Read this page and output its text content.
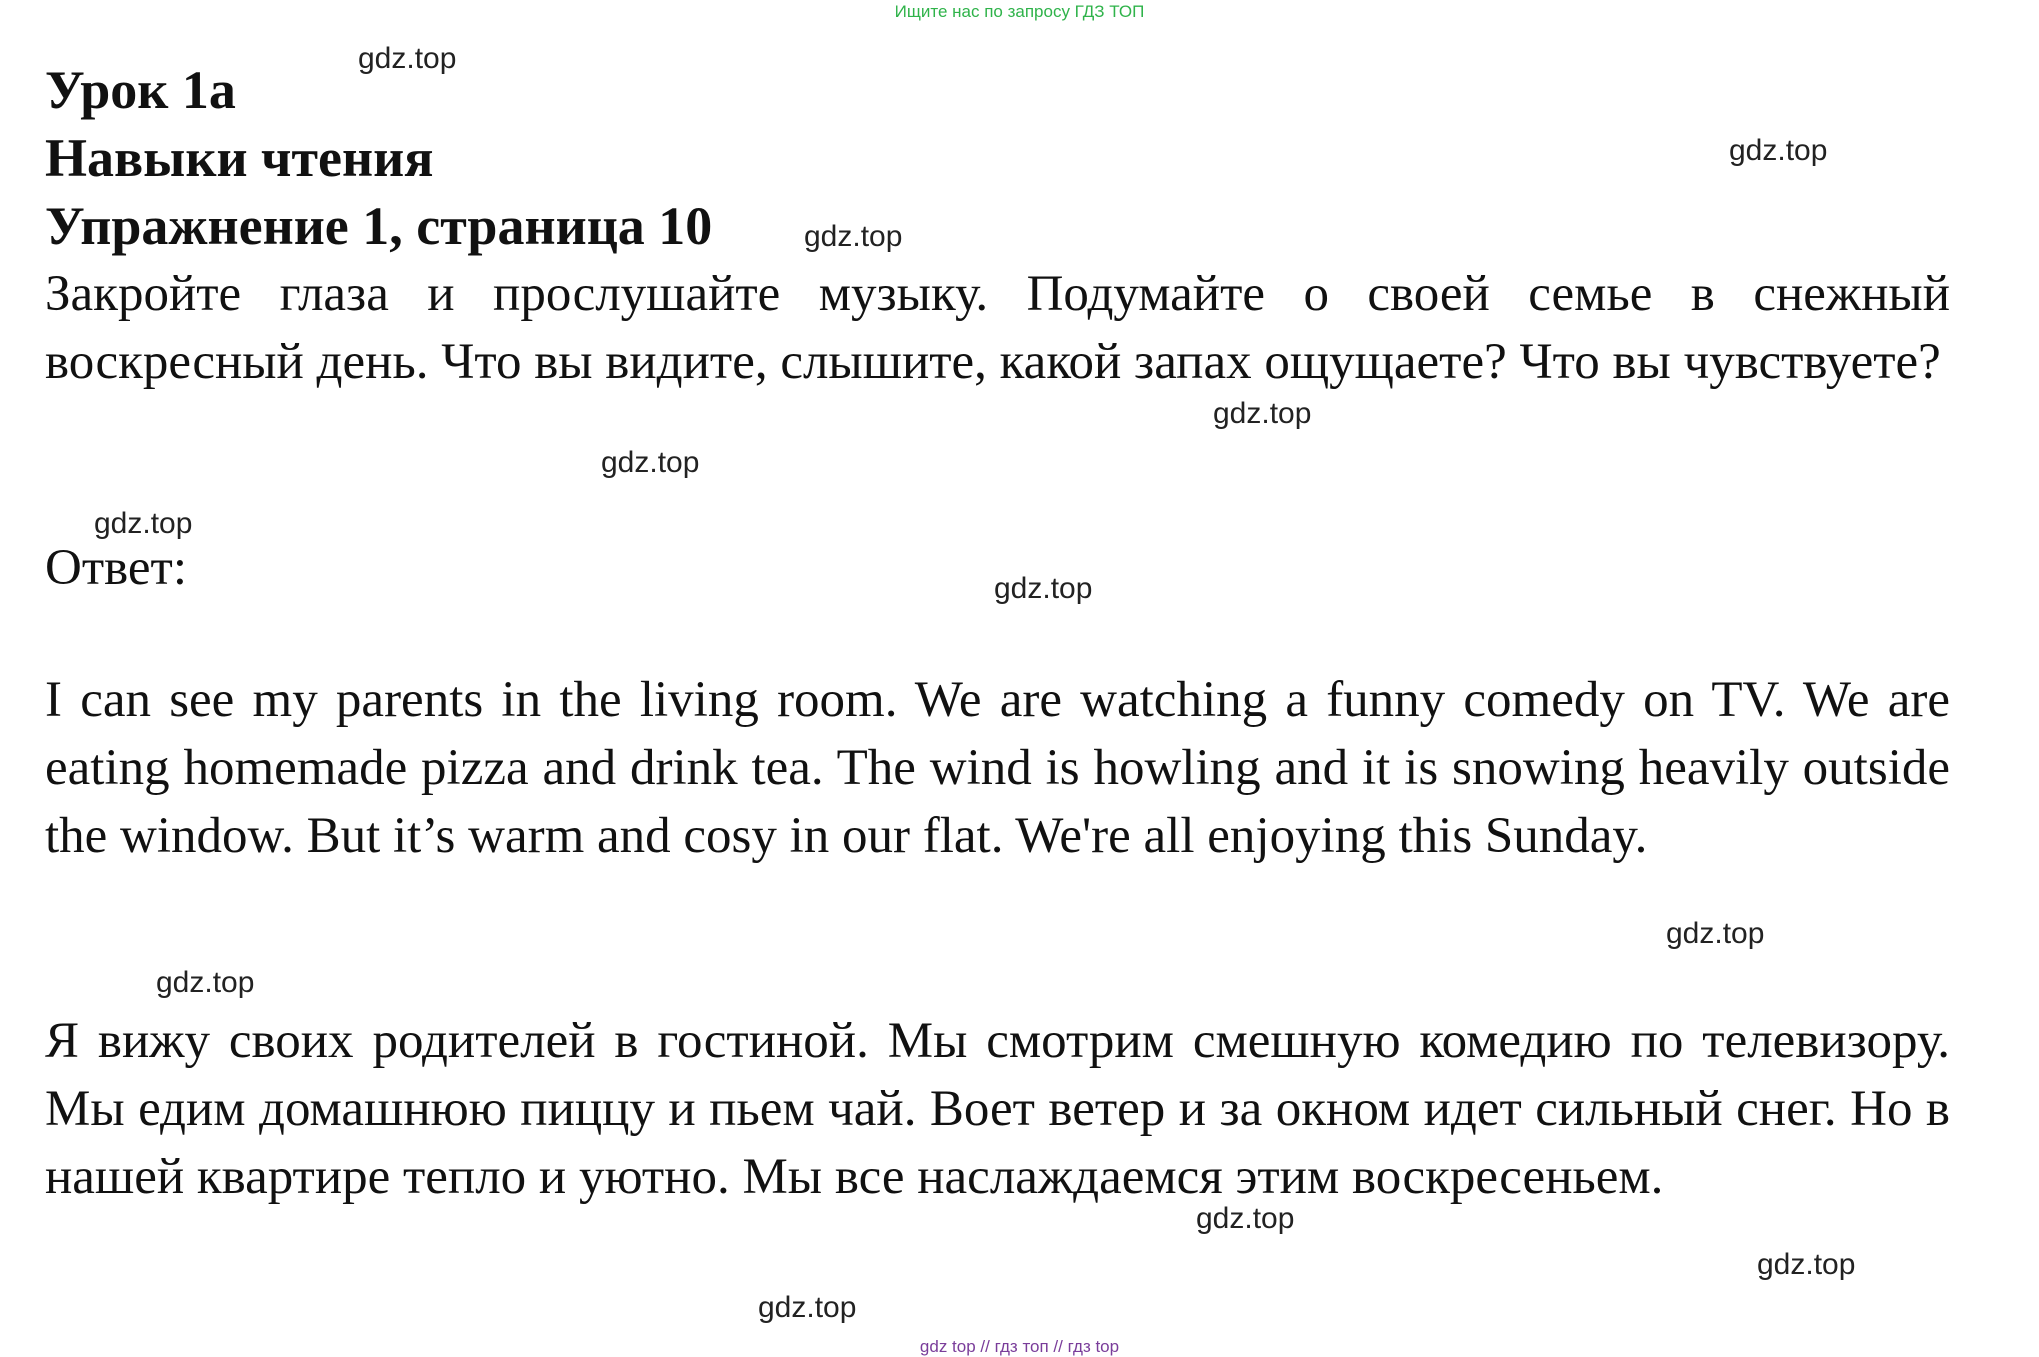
Ищите нас по запросу ГДЗ ТОП
Урок 1a
Навыки чтения
Упражнение 1, страница 10

Закройте глаза и прослушайте музыку. Подумайте о своей семье в снежный воскресный день. Что вы видите, слышите, какой запах ощущаете? Что вы чувствуете?

Ответ:

I can see my parents in the living room. We are watching a funny comedy on TV. We are eating homemade pizza and drink tea. The wind is howling and it is snowing heavily outside the window. But it’s warm and cosy in our flat. We're all enjoying this Sunday.

Я вижу своих родителей в гостиной. Мы смотрим смешную комедию по телевизору. Мы едим домашнюю пиццу и пьем чай. Воет ветер и за окном идет сильный снег. Но в нашей квартире тепло и уютно. Мы все наслаждаемся этим воскресеньем.

gdz.top
gdz.top
gdz.top
gdz.top
gdz.top
gdz.top
gdz.top
gdz.top
gdz.top
gdz.top
gdz.top
gdz.top
gdz top // гдз топ // гдз top
